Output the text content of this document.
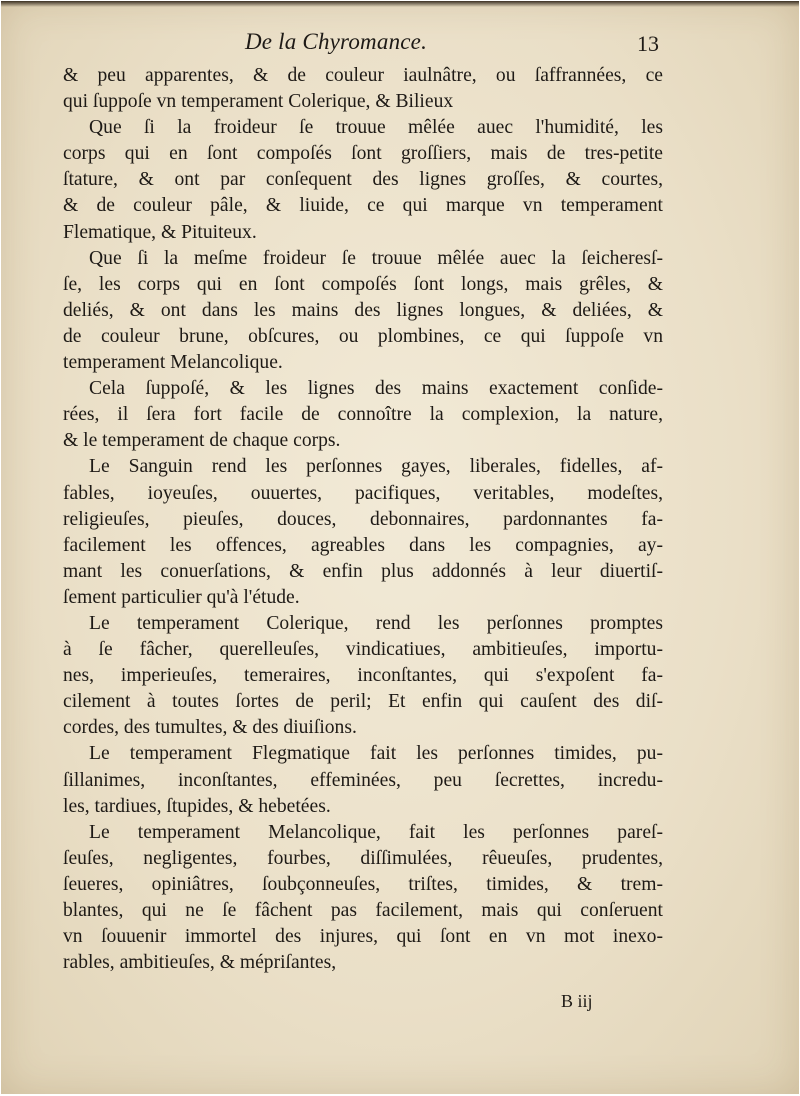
De la Chyromance.	13
& peu apparentes, & de couleur iaulnâtre, ou ſaffrannées, ce
qui ſuppoſe vn temperament Colerique, & Bilieux
Que ſi la froideur ſe trouue mêlée auec l'humidité, les
corps qui en ſont compoſés ſont groſſiers, mais de tres-petite
ſtature, & ont par conſequent des lignes groſſes, & courtes,
& de couleur pâle, & liuide, ce qui marque vn temperament
Flematique, & Pituiteux.
Que ſi la meſme froideur ſe trouue mêlée auec la ſeicheresſ-
ſe, les corps qui en ſont compoſés ſont longs, mais grêles, &
deliés, & ont dans les mains des lignes longues, & deliées, &
de couleur brune, obſcures, ou plombines, ce qui ſuppoſe vn
temperament Melancolique.
Cela ſuppoſé, & les lignes des mains exactement conſide-
rées, il ſera fort facile de connoître la complexion, la nature,
& le temperament de chaque corps.
Le Sanguin rend les perſonnes gayes, liberales, fidelles, af-
fables, ioyeuſes, ouuertes, pacifiques, veritables, modeſtes,
religieuſes, pieuſes, douces, debonnaires, pardonnantes fa-
facilement les offences, agreables dans les compagnies, ay-
mant les conuerſations, & enfin plus addonnés à leur diuertiſ-
ſement particulier qu'à l'étude.
Le temperament Colerique, rend les perſonnes promptes
à ſe fâcher, querelleuſes, vindicatiues, ambitieuſes, importu-
nes, imperieuſes, temeraires, inconſtantes, qui s'expoſent fa-
cilement à toutes ſortes de peril; Et enfin qui cauſent des diſ-
cordes, des tumultes, & des diuiſions.
Le temperament Flegmatique fait les perſonnes timides, pu-
ſillanimes, inconſtantes, effeminées, peu ſecrettes, incredu-
les, tardiues, ſtupides, & hebetées.
Le temperament Melancolique, fait les perſonnes pareſ-
ſeuſes, negligentes, fourbes, diſſimulées, rêueuſes, prudentes,
ſeueres, opiniâtres, ſoubçonneuſes, triſtes, timides, & trem-
blantes, qui ne ſe fâchent pas facilement, mais qui conſeruent
vn ſouuenir immortel des injures, qui ſont en vn mot inexo-
rables, ambitieuſes, & mépriſantes,
B iij
